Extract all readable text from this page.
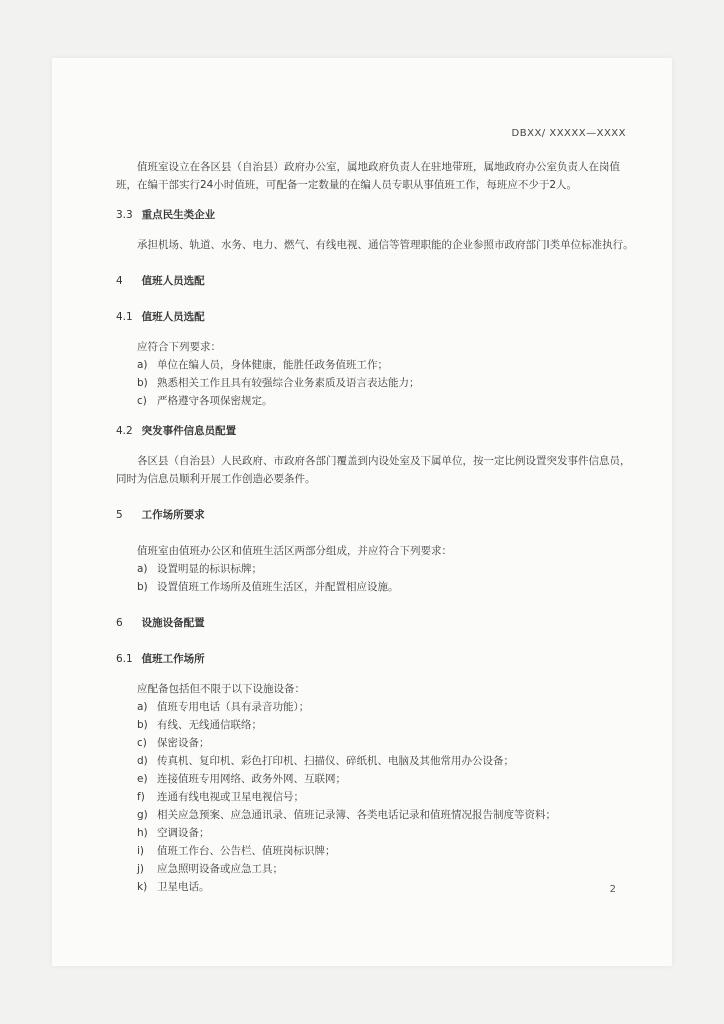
DBXX/ XXXXX—XXXX

值班室设立在各区县（自治县）政府办公室，属地政府负责人在驻地带班，属地政府办公室负责人在岗值班，在编干部实行24小时值班，可配备一定数量的在编人员专职从事值班工作，每班应不少于2人。

3.3 重点民生类企业

承担机场、轨道、水务、电力、燃气、有线电视、通信等管理职能的企业参照市政府部门Ⅰ类单位标准执行。

4 值班人员选配
4.1 值班人员选配

应符合下列要求：

a) 单位在编人员，身体健康，能胜任政务值班工作；
b) 熟悉相关工作且具有较强综合业务素质及语言表达能力；
c) 严格遵守各项保密规定。
4.2 突发事件信息员配置

各区县（自治县）人民政府、市政府各部门覆盖到内设处室及下属单位，按一定比例设置突发事件信息员，同时为信息员顺利开展工作创造必要条件。

5 工作场所要求

值班室由值班办公区和值班生活区两部分组成，并应符合下列要求：

a) 设置明显的标识标牌；
b) 设置值班工作场所及值班生活区，并配置相应设施。
6 设施设备配置
6.1 值班工作场所

应配备包括但不限于以下设施设备：

a) 值班专用电话（具有录音功能）；
b) 有线、无线通信联络；
c) 保密设备；
d) 传真机、复印机、彩色打印机、扫描仪、碎纸机、电脑及其他常用办公设备；
e) 连接值班专用网络、政务外网、互联网；
f) 连通有线电视或卫星电视信号；
g) 相关应急预案、应急通讯录、值班记录簿、各类电话记录和值班情况报告制度等资料；
h) 空调设备；
i) 值班工作台、公告栏、值班岗标识牌；
j) 应急照明设备或应急工具；
k) 卫星电话。	2
